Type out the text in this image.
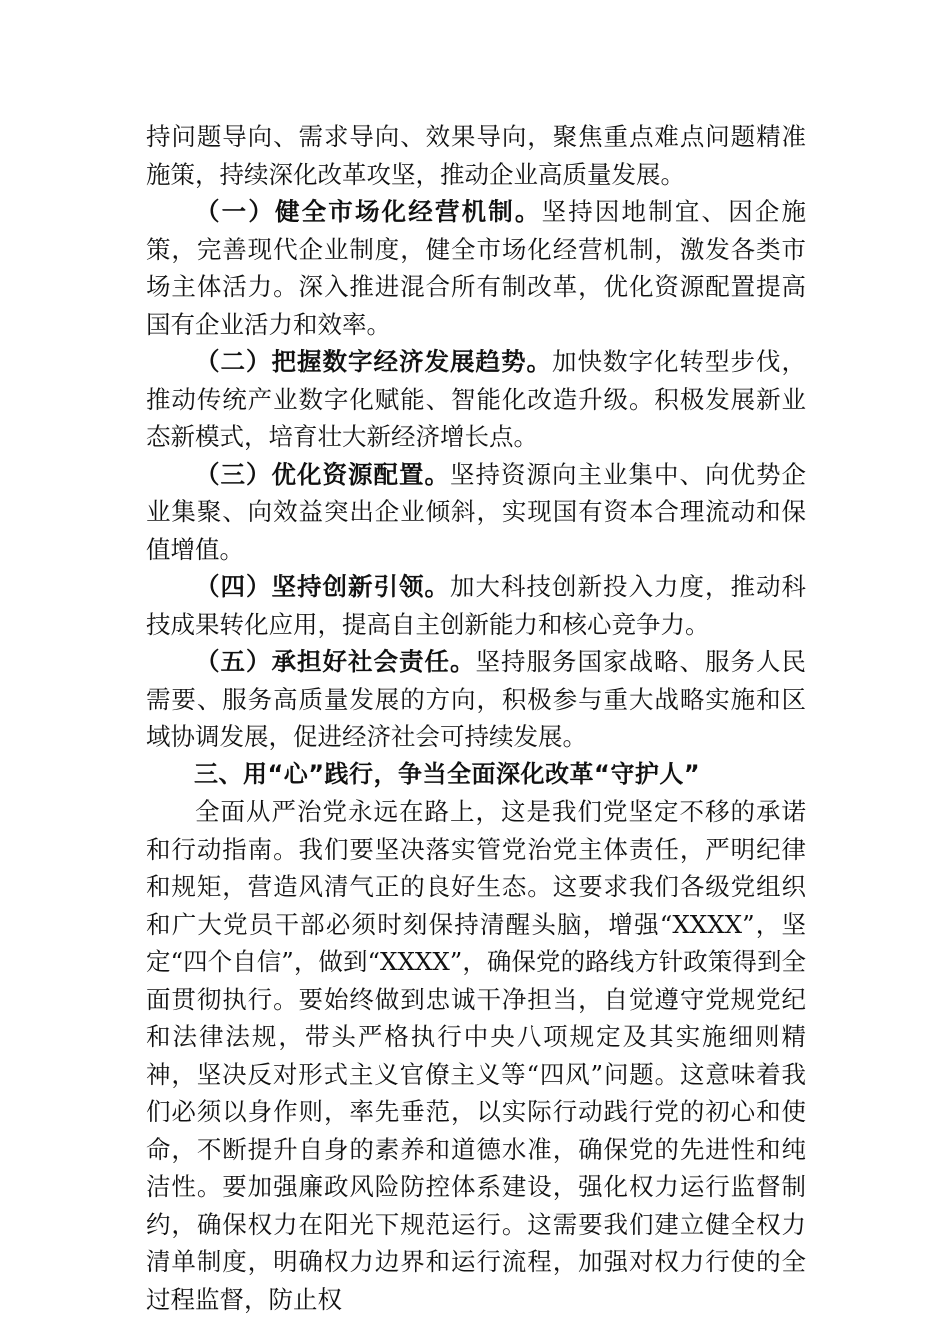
持问题导向、需求导向、效果导向，聚焦重点难点问题精准施策，持续深化改革攻坚，推动企业高质量发展。

（一）健全市场化经营机制。坚持因地制宜、因企施策，完善现代企业制度，健全市场化经营机制，激发各类市场主体活力。深入推进混合所有制改革，优化资源配置提高国有企业活力和效率。

（二）把握数字经济发展趋势。加快数字化转型步伐，推动传统产业数字化赋能、智能化改造升级。积极发展新业态新模式，培育壮大新经济增长点。

（三）优化资源配置。坚持资源向主业集中、向优势企业集聚、向效益突出企业倾斜，实现国有资本合理流动和保值增值。

（四）坚持创新引领。加大科技创新投入力度，推动科技成果转化应用，提高自主创新能力和核心竞争力。

（五）承担好社会责任。坚持服务国家战略、服务人民需要、服务高质量发展的方向，积极参与重大战略实施和区域协调发展，促进经济社会可持续发展。

三、用“心”践行，争当全面深化改革“守护人”

全面从严治党永远在路上，这是我们党坚定不移的承诺和行动指南。我们要坚决落实管党治党主体责任，严明纪律和规矩，营造风清气正的良好生态。这要求我们各级党组织和广大党员干部必须时刻保持清醒头脑，增强“XXXX”，坚定“四个自信”，做到“XXXX”，确保党的路线方针政策得到全面贯彻执行。要始终做到忠诚干净担当，自觉遵守党规党纪和法律法规，带头严格执行中央八项规定及其实施细则精神，坚决反对形式主义官僚主义等“四风”问题。这意味着我们必须以身作则，率先垂范，以实际行动践行党的初心和使命，不断提升自身的素养和道德水准，确保党的先进性和纯洁性。要加强廉政风险防控体系建设，强化权力运行监督制约，确保权力在阳光下规范运行。这需要我们建立健全权力清单制度，明确权力边界和运行流程，加强对权力行使的全过程监督，防止权
